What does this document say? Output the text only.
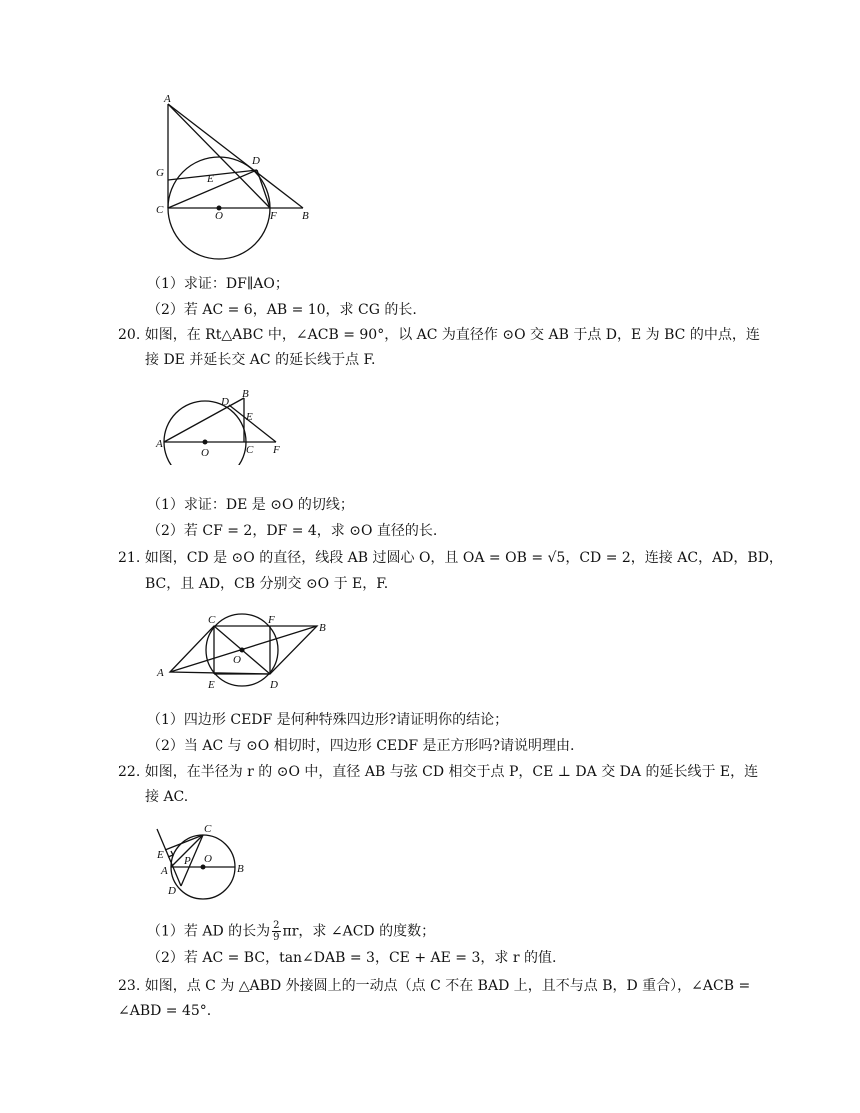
A
D
G	E
C	O	F B
（1）求证：DF∥AO；
（2）若 AC = 6，AB = 10，求 CG 的长.
20. 如图，在 Rt△ABC 中，∠ACB = 90°，以 AC 为直径作 ⊙O 交 AB 于点 D，E 为 BC 的中点，连
接 DE 并延长交 AC 的延长线于点 F.
B
D
E
A
O	C F
（1）求证：DE 是 ⊙O 的切线；
（2）若 CF = 2，DF = 4，求 ⊙O 直径的长.
21. 如图，CD 是 ⊙O 的直径，线段 AB 过圆心 O，且 OA = OB = √5，CD = 2，连接 AC，AD，BD，
BC，且 AD，CB 分别交 ⊙O 于 E，F.
C	F
B
O
A
E	D
（1）四边形 CEDF 是何种特殊四边形?请证明你的结论；
（2）当 AC 与 ⊙O 相切时，四边形 CEDF 是正方形吗?请说明理由.
22. 如图，在半径为 r 的 ⊙O 中，直径 AB 与弦 CD 相交于点 P，CE ⊥ DA 交 DA 的延长线于 E，连
接 AC.
C
E P O
A	B
D
（1）若 AD 的长为 $\frac{2}{9}$ πr，求 ∠ACD 的度数；
（2）若 AC = BC，tan∠DAB = 3，CE + AE = 3，求 r 的值.
23. 如图，点 C 为 △ABD 外接圆上的一动点（点 C 不在 BAD 上，且不与点 B，D 重合），∠ACB =
∠ABD = 45°.
